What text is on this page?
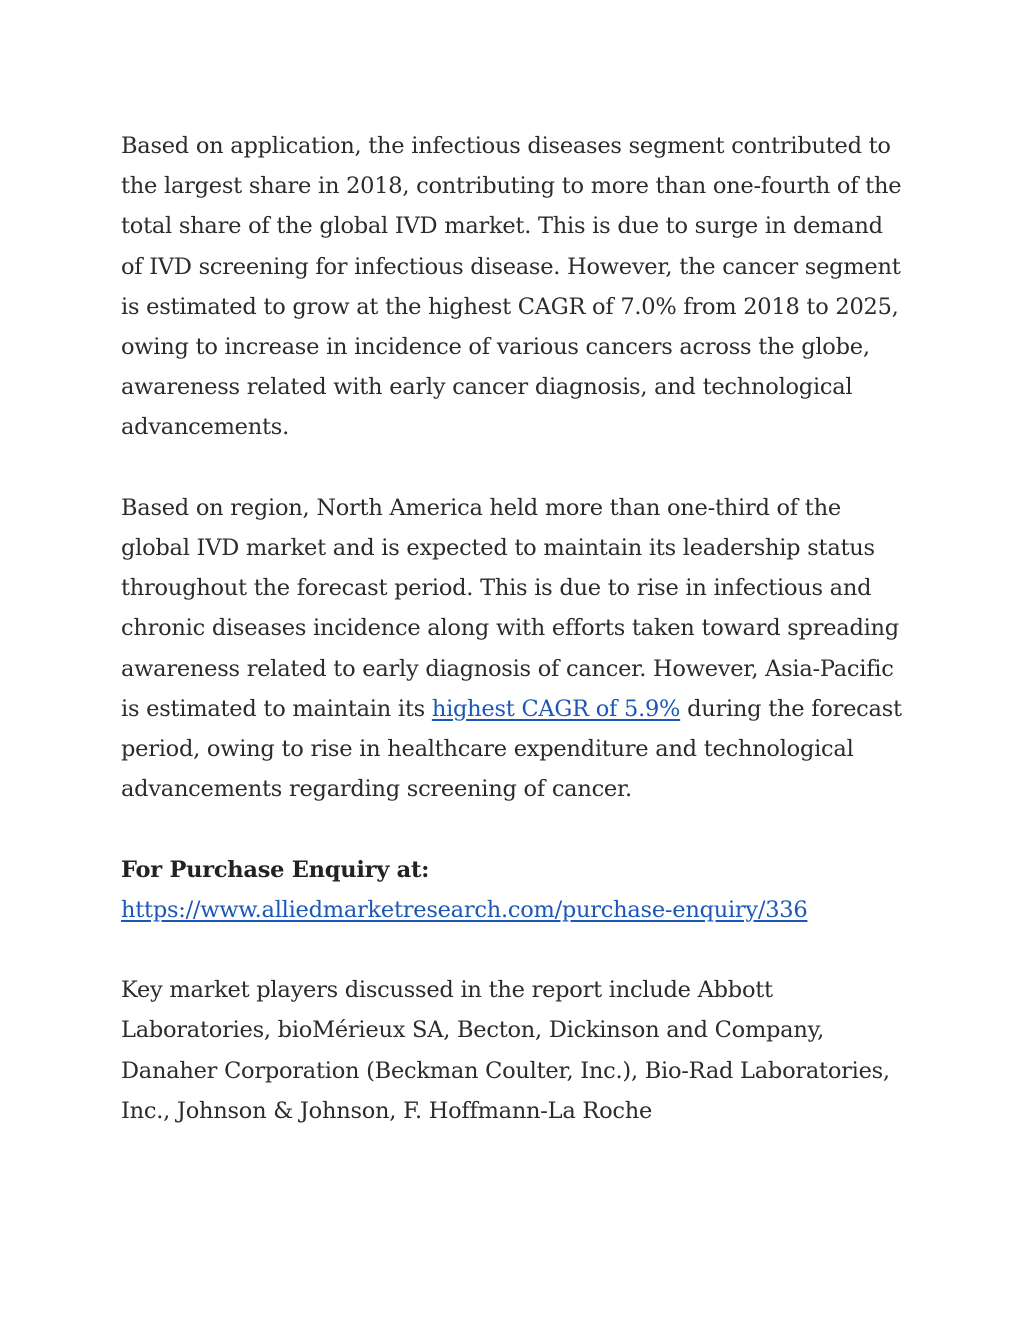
Based on application, the infectious diseases segment contributed to the largest share in 2018, contributing to more than one-fourth of the total share of the global IVD market. This is due to surge in demand of IVD screening for infectious disease. However, the cancer segment is estimated to grow at the highest CAGR of 7.0% from 2018 to 2025, owing to increase in incidence of various cancers across the globe, awareness related with early cancer diagnosis, and technological advancements.

Based on region, North America held more than one-third of the global IVD market and is expected to maintain its leadership status throughout the forecast period. This is due to rise in infectious and chronic diseases incidence along with efforts taken toward spreading awareness related to early diagnosis of cancer. However, Asia-Pacific is estimated to maintain its highest CAGR of 5.9% during the forecast period, owing to rise in healthcare expenditure and technological advancements regarding screening of cancer.

For Purchase Enquiry at: https://www.alliedmarketresearch.com/purchase-enquiry/336

Key market players discussed in the report include Abbott Laboratories, bioMérieux SA, Becton, Dickinson and Company, Danaher Corporation (Beckman Coulter, Inc.), Bio-Rad Laboratories, Inc., Johnson & Johnson, F. Hoffmann-La Roche
